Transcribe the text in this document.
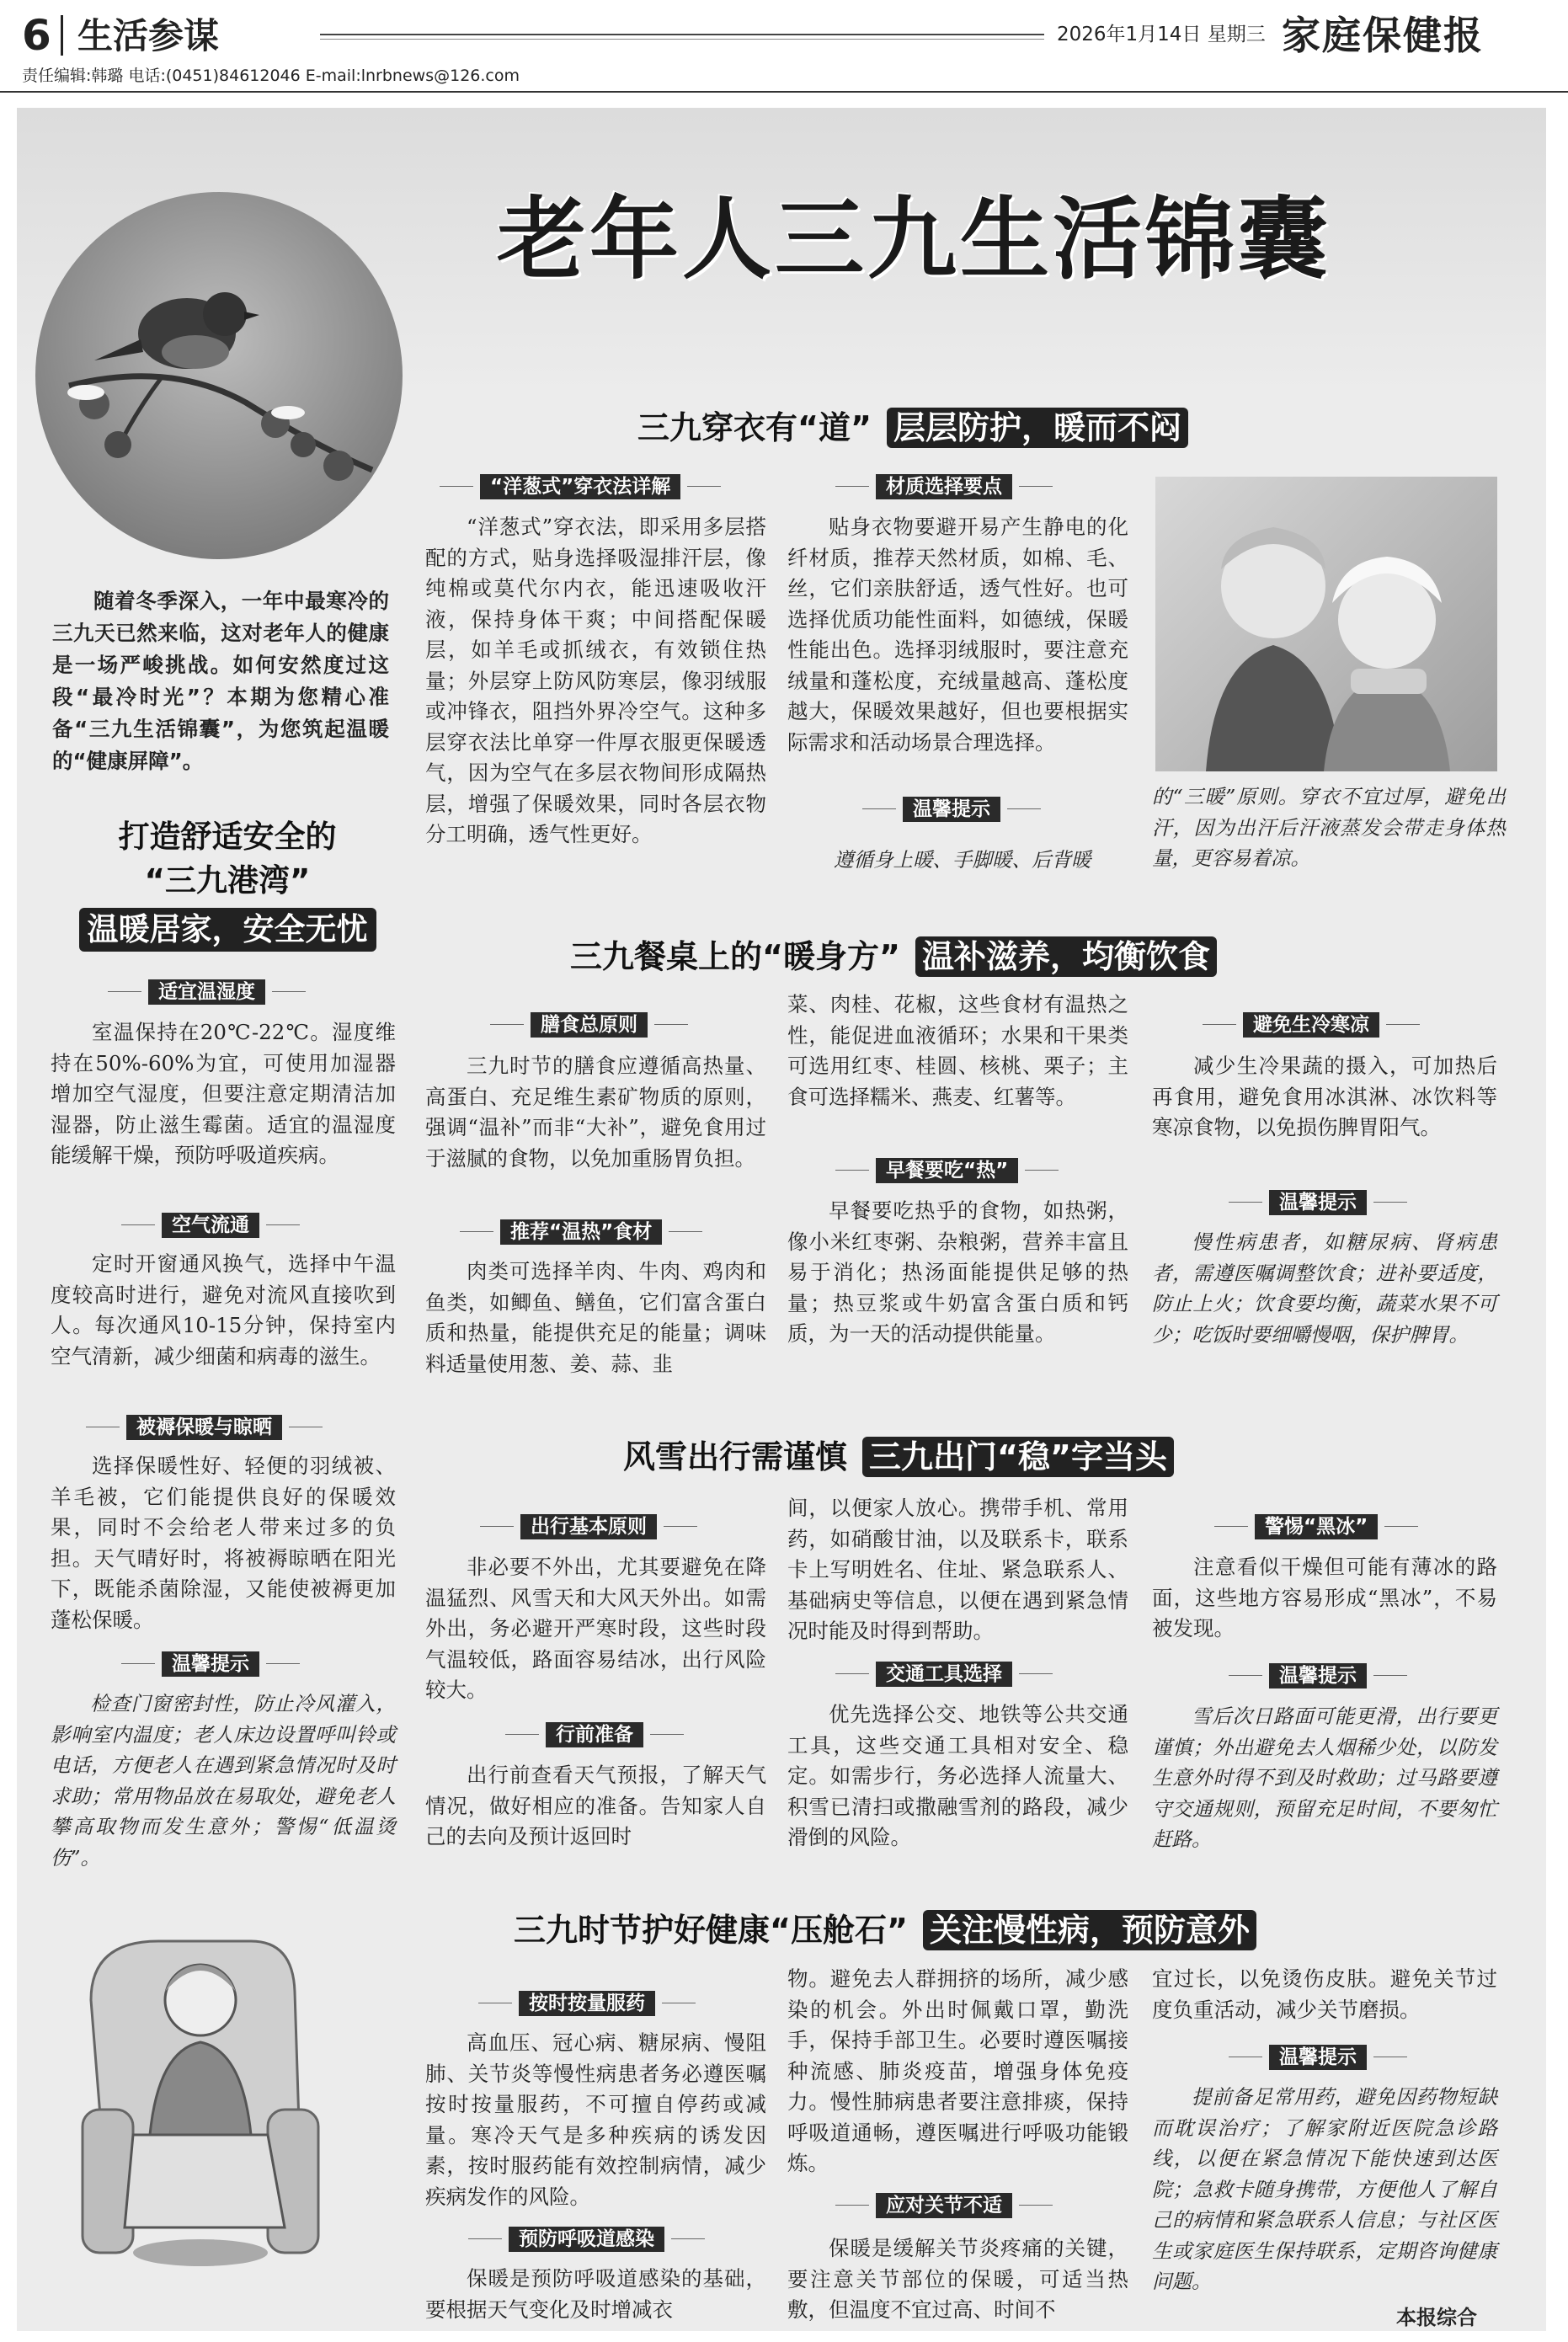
6 生活参谋	2026年1月14日 星期三 家庭保健报
责任编辑:韩璐 电话:(0451)84612046 E-mail:lnrbnews@126.com
老年人三九生活锦囊
随着冬季深入，一年中最寒冷的三九天已然来临，这对老年人的健康是一场严峻挑战。如何安然度过这段“最冷时光”？本期为您精心准备“三九生活锦囊”，为您筑起温暖的“健康屏障”。
打造舒适安全的
“三九港湾”
温暖居家，安全无忧
适宜温湿度
室温保持在20℃-22℃。湿度维持在50%-60%为宜，可使用加湿器增加空气湿度，但要注意定期清洁加湿器，防止滋生霉菌。适宜的温湿度能缓解干燥，预防呼吸道疾病。
空气流通
定时开窗通风换气，选择中午温度较高时进行，避免对流风直接吹到人。每次通风10-15分钟，保持室内空气清新，减少细菌和病毒的滋生。
被褥保暖与晾晒
选择保暖性好、轻便的羽绒被、羊毛被，它们能提供良好的保暖效果，同时不会给老人带来过多的负担。天气晴好时，将被褥晾晒在阳光下，既能杀菌除湿，又能使被褥更加蓬松保暖。
温馨提示
检查门窗密封性，防止冷风灌入，影响室内温度；老人床边设置呼叫铃或电话，方便老人在遇到紧急情况时及时求助；常用物品放在易取处，避免老人攀高取物而发生意外；警惕“低温烫伤”。
三九穿衣有“道” 层层防护，暖而不闷
“洋葱式”穿衣法详解
“洋葱式”穿衣法，即采用多层搭配的方式，贴身选择吸湿排汗层，像纯棉或莫代尔内衣，能迅速吸收汗液，保持身体干爽；中间搭配保暖层，如羊毛或抓绒衣，有效锁住热量；外层穿上防风防寒层，像羽绒服或冲锋衣，阻挡外界冷空气。这种多层穿衣法比单穿一件厚衣服更保暖透气，因为空气在多层衣物间形成隔热层，增强了保暖效果，同时各层衣物分工明确，透气性更好。
材质选择要点
贴身衣物要避开易产生静电的化纤材质，推荐天然材质，如棉、毛、丝，它们亲肤舒适，透气性好。也可选择优质功能性面料，如德绒，保暖性能出色。选择羽绒服时，要注意充绒量和蓬松度，充绒量越高、蓬松度越大，保暖效果越好，但也要根据实际需求和活动场景合理选择。
温馨提示
遵循身上暖、手脚暖、后背暖
的“三暖”原则。穿衣不宜过厚，避免出汗，因为出汗后汗液蒸发会带走身体热量，更容易着凉。
三九餐桌上的“暖身方” 温补滋养，均衡饮食
膳食总原则
三九时节的膳食应遵循高热量、高蛋白、充足维生素矿物质的原则，强调“温补”而非“大补”，避免食用过于滋腻的食物，以免加重肠胃负担。
推荐“温热”食材
肉类可选择羊肉、牛肉、鸡肉和鱼类，如鲫鱼、鳝鱼，它们富含蛋白质和热量，能提供充足的能量；调味料适量使用葱、姜、蒜、韭
菜、肉桂、花椒，这些食材有温热之性，能促进血液循环；水果和干果类可选用红枣、桂圆、核桃、栗子；主食可选择糯米、燕麦、红薯等。
早餐要吃“热”
早餐要吃热乎的食物，如热粥，像小米红枣粥、杂粮粥，营养丰富且易于消化；热汤面能提供足够的热量；热豆浆或牛奶富含蛋白质和钙质，为一天的活动提供能量。
避免生冷寒凉
减少生冷果蔬的摄入，可加热后再食用，避免食用冰淇淋、冰饮料等寒凉食物，以免损伤脾胃阳气。
温馨提示
慢性病患者，如糖尿病、肾病患者，需遵医嘱调整饮食；进补要适度，防止上火；饮食要均衡，蔬菜水果不可少；吃饭时要细嚼慢咽，保护脾胃。
风雪出行需谨慎 三九出门“稳”字当头
出行基本原则
非必要不外出，尤其要避免在降温猛烈、风雪天和大风天外出。如需外出，务必避开严寒时段，这些时段气温较低，路面容易结冰，出行风险较大。
行前准备
出行前查看天气预报，了解天气情况，做好相应的准备。告知家人自己的去向及预计返回时
间，以便家人放心。携带手机、常用药，如硝酸甘油，以及联系卡，联系卡上写明姓名、住址、紧急联系人、基础病史等信息，以便在遇到紧急情况时能及时得到帮助。
交通工具选择
优先选择公交、地铁等公共交通工具，这些交通工具相对安全、稳定。如需步行，务必选择人流量大、积雪已清扫或撒融雪剂的路段，减少滑倒的风险。
警惕“黑冰”
注意看似干燥但可能有薄冰的路面，这些地方容易形成“黑冰”，不易被发现。
温馨提示
雪后次日路面可能更滑，出行要更谨慎；外出避免去人烟稀少处，以防发生意外时得不到及时救助；过马路要遵守交通规则，预留充足时间，不要匆忙赶路。
三九时节护好健康“压舱石” 关注慢性病，预防意外
按时按量服药
高血压、冠心病、糖尿病、慢阻肺、关节炎等慢性病患者务必遵医嘱按时按量服药，不可擅自停药或减量。寒冷天气是多种疾病的诱发因素，按时服药能有效控制病情，减少疾病发作的风险。
预防呼吸道感染
保暖是预防呼吸道感染的基础，要根据天气变化及时增减衣
物。避免去人群拥挤的场所，减少感染的机会。外出时佩戴口罩，勤洗手，保持手部卫生。必要时遵医嘱接种流感、肺炎疫苗，增强身体免疫力。慢性肺病患者要注意排痰，保持呼吸道通畅，遵医嘱进行呼吸功能锻炼。
应对关节不适
保暖是缓解关节炎疼痛的关键，要注意关节部位的保暖，可适当热敷，但温度不宜过高、时间不
宜过长，以免烫伤皮肤。避免关节过度负重活动，减少关节磨损。
温馨提示
提前备足常用药，避免因药物短缺而耽误治疗；了解家附近医院急诊路线，以便在紧急情况下能快速到达医院；急救卡随身携带，方便他人了解自己的病情和紧急联系人信息；与社区医生或家庭医生保持联系，定期咨询健康问题。
本报综合
